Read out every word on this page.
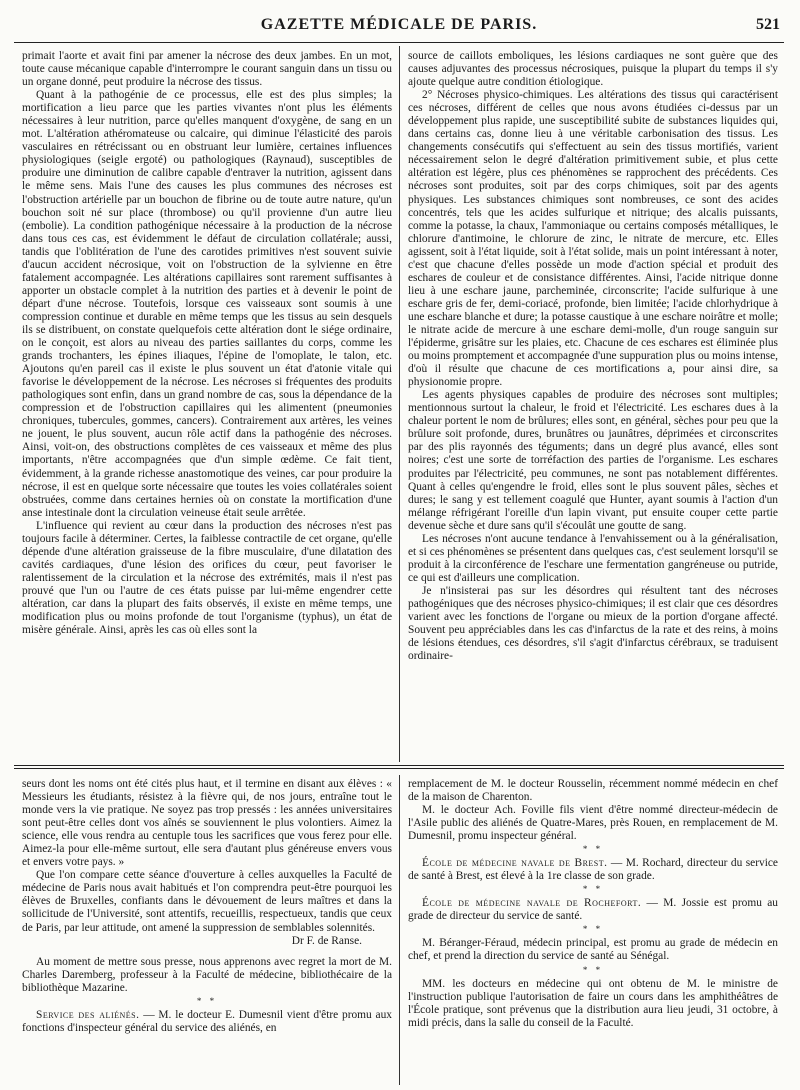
GAZETTE MÉDICALE DE PARIS.	521

primait l'aorte et avait fini par amener la nécrose des deux jambes. En un mot, toute cause mécanique capable d'interrompre le courant sanguin dans un tissu ou un organe donné, peut produire la nécrose des tissus.

Quant à la pathogénie de ce processus, elle est des plus simples; la mortification a lieu parce que les parties vivantes n'ont plus les éléments nécessaires à leur nutrition, parce qu'elles manquent d'oxygène, de sang en un mot. L'altération athéromateuse ou calcaire, qui diminue l'élasticité des parois vasculaires en rétrécissant ou en obstruant leur lumière, certaines influences physiologiques (seigle ergoté) ou pathologiques (Raynaud), susceptibles de produire une diminution de calibre capable d'entraver la nutrition, agissent dans le même sens. Mais l'une des causes les plus communes des nécroses est l'obstruction artérielle par un bouchon de fibrine ou de toute autre nature, qu'un bouchon soit né sur place (thrombose) ou qu'il provienne d'un autre lieu (embolie). La condition pathogénique nécessaire à la production de la nécrose dans tous ces cas, est évidemment le défaut de circulation collatérale; aussi, tandis que l'oblitération de l'une des carotides primitives n'est souvent suivie d'aucun accident nécrosique, voit on l'obstruction de la sylvienne en être fatalement accompagnée. Les altérations capillaires sont rarement suffisantes à apporter un obstacle complet à la nutrition des parties et à devenir le point de départ d'une nécrose. Toutefois, lorsque ces vaisseaux sont soumis à une compression continue et durable en même temps que les tissus au sein desquels ils se distribuent, on constate quelquefois cette altération dont le siége ordinaire, on le conçoit, est alors au niveau des parties saillantes du corps, comme les grands trochanters, les épines iliaques, l'épine de l'omoplate, le talon, etc. Ajoutons qu'en pareil cas il existe le plus souvent un état d'atonie vitale qui favorise le développement de la nécrose. Les nécroses si fréquentes des produits pathologiques sont enfin, dans un grand nombre de cas, sous la dépendance de la compression et de l'obstruction capillaires qui les alimentent (pneumonies chroniques, tubercules, gommes, cancers). Contrairement aux artères, les veines ne jouent, le plus souvent, aucun rôle actif dans la pathogénie des nécroses. Ainsi, voit-on, des obstructions complètes de ces vaisseaux et même des plus importants, n'être accompagnées que d'un simple œdème. Ce fait tient, évidemment, à la grande richesse anastomotique des veines, car pour produire la nécrose, il est en quelque sorte nécessaire que toutes les voies collatérales soient obstruées, comme dans certaines hernies où on constate la mortification d'une anse intestinale dont la circulation veineuse était seule arrêtée.

L'influence qui revient au cœur dans la production des nécroses n'est pas toujours facile à déterminer. Certes, la faiblesse contractile de cet organe, qu'elle dépende d'une altération graisseuse de la fibre musculaire, d'une dilatation des cavités cardiaques, d'une lésion des orifices du cœur, peut favoriser le ralentissement de la circulation et la nécrose des extrémités, mais il n'est pas prouvé que l'un ou l'autre de ces états puisse par lui-même engendrer cette altération, car dans la plupart des faits observés, il existe en même temps, une modification plus ou moins profonde de tout l'organisme (typhus), un état de misère générale. Ainsi, après les cas où elles sont la

source de caillots emboliques, les lésions cardiaques ne sont guère que des causes adjuvantes des processus nécrosiques, puisque la plupart du temps il s'y ajoute quelque autre condition étiologique.

2° Nécroses physico-chimiques. Les altérations des tissus qui caractérisent ces nécroses, différent de celles que nous avons étudiées ci-dessus par un développement plus rapide, une susceptibilité subite de substances liquides qui, dans certains cas, donne lieu à une véritable carbonisation des tissus. Les changements consécutifs qui s'effectuent au sein des tissus mortifiés, varient nécessairement selon le degré d'altération primitivement subie, et plus cette altération est légère, plus ces phénomènes se rapprochent des précédents. Ces nécroses sont produites, soit par des corps chimiques, soit par des agents physiques. Les substances chimiques sont nombreuses, ce sont des acides concentrés, tels que les acides sulfurique et nitrique; des alcalis puissants, comme la potasse, la chaux, l'ammoniaque ou certains composés métalliques, le chlorure d'antimoine, le chlorure de zinc, le nitrate de mercure, etc. Elles agissent, soit à l'état liquide, soit à l'état solide, mais un point intéressant à noter, c'est que chacune d'elles possède un mode d'action spécial et produit des eschares de couleur et de consistance différentes. Ainsi, l'acide nitrique donne lieu à une eschare jaune, parcheminée, circonscrite; l'acide sulfurique à une eschare gris de fer, demi-coriacé, profonde, bien limitée; l'acide chlorhydrique à une eschare blanche et dure; la potasse caustique à une eschare noirâtre et molle; le nitrate acide de mercure à une eschare demi-molle, d'un rouge sanguin sur l'épiderme, grisâtre sur les plaies, etc. Chacune de ces eschares est éliminée plus ou moins promptement et accompagnée d'une suppuration plus ou moins intense, d'où il résulte que chacune de ces mortifications a, pour ainsi dire, sa physionomie propre.

Les agents physiques capables de produire des nécroses sont multiples; mentionnous surtout la chaleur, le froid et l'électricité. Les eschares dues à la chaleur portent le nom de brûlures; elles sont, en général, sèches pour peu que la brûlure soit profonde, dures, brunâtres ou jaunâtres, déprimées et circonscrites par des plis rayonnés des téguments; dans un degré plus avancé, elles sont noires; c'est une sorte de torréfaction des parties de l'organisme. Les eschares produites par l'électricité, peu communes, ne sont pas notablement différentes. Quant à celles qu'engendre le froid, elles sont le plus souvent pâles, sèches et dures; le sang y est tellement coagulé que Hunter, ayant soumis à l'action d'un mélange réfrigérant l'oreille d'un lapin vivant, put ensuite couper cette partie devenue sèche et dure sans qu'il s'écoulât une goutte de sang.

Les nécroses n'ont aucune tendance à l'envahissement ou à la généralisation, et si ces phénomènes se présentent dans quelques cas, c'est seulement lorsqu'il se produit à la circonférence de l'eschare une fermentation gangréneuse ou putride, ce qui est d'ailleurs une complication.

Je n'insisterai pas sur les désordres qui résultent tant des nécroses pathogéniques que des nécroses physico-chimiques; il est clair que ces désordres varient avec les fonctions de l'organe ou mieux de la portion d'organe affecté. Souvent peu appréciables dans les cas d'infarctus de la rate et des reins, à moins de lésions étendues, ces désordres, s'il s'agit d'infarctus cérébraux, se traduisent ordinaire-

seurs dont les noms ont été cités plus haut, et il termine en disant aux élèves : « Messieurs les étudiants, résistez à la fièvre qui, de nos jours, entraîne tout le monde vers la vie pratique. Ne soyez pas trop pressés : les années universitaires sont peut-être celles dont vos aînés se souviennent le plus volontiers. Aimez la science, elle vous rendra au centuple tous les sacrifices que vous ferez pour elle. Aimez-la pour elle-même surtout, elle sera d'autant plus généreuse envers vous et envers votre pays. »

Que l'on compare cette séance d'ouverture à celles auxquelles la Faculté de médecine de Paris nous avait habitués et l'on comprendra peut-être pourquoi les élèves de Bruxelles, confiants dans le dévouement de leurs maîtres et dans la sollicitude de l'Université, sont attentifs, recueillis, respectueux, tandis que ceux de Paris, par leur attitude, ont amené la suppression de semblables solennités.

Dr F. de Ranse.

Au moment de mettre sous presse, nous apprenons avec regret la mort de M. Charles Daremberg, professeur à la Faculté de médecine, bibliothécaire de la bibliothèque Mazarine.

* *

Service des aliénés. — M. le docteur E. Dumesnil vient d'être promu aux fonctions d'inspecteur général du service des aliénés, en

remplacement de M. le docteur Rousselin, récemment nommé médecin en chef de la maison de Charenton.

M. le docteur Ach. Foville fils vient d'être nommé directeur-médecin de l'Asile public des aliénés de Quatre-Mares, près Rouen, en remplacement de M. Dumesnil, promu inspecteur général.

* *

École de médecine navale de Brest. — M. Rochard, directeur du service de santé à Brest, est élevé à la 1re classe de son grade.

* *

École de médecine navale de Rochefort. — M. Jossie est promu au grade de directeur du service de santé.

* *

M. Béranger-Féraud, médecin principal, est promu au grade de médecin en chef, et prend la direction du service de santé au Sénégal.

* *

MM. les docteurs en médecine qui ont obtenu de M. le ministre de l'instruction publique l'autorisation de faire un cours dans les amphithéâtres de l'École pratique, sont prévenus que la distribution aura lieu jeudi, 31 octobre, à midi précis, dans la salle du conseil de la Faculté.
